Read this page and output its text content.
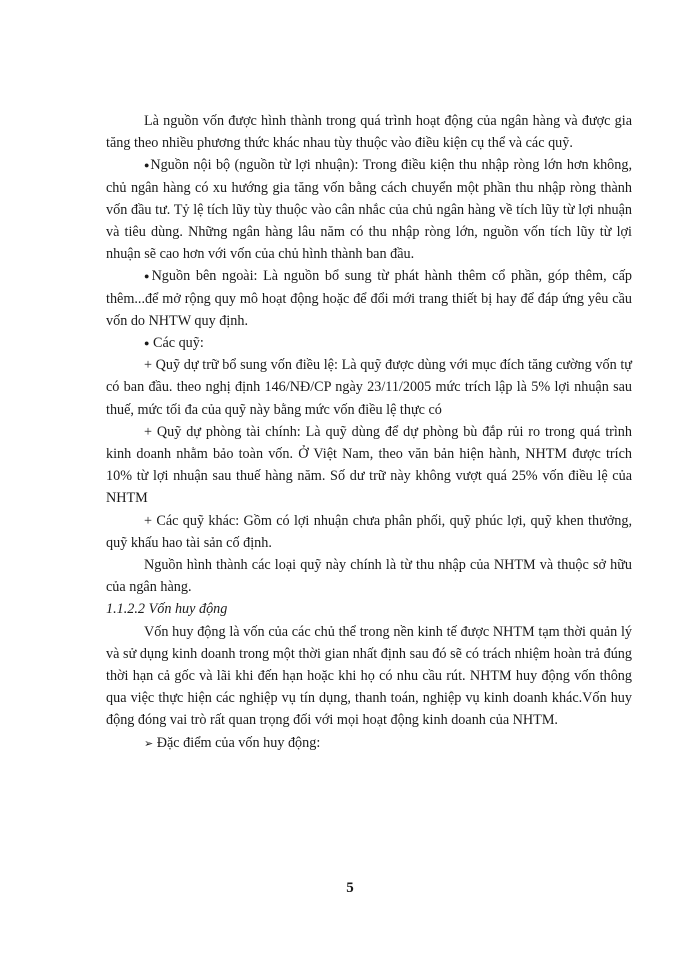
Là nguồn vốn được hình thành trong quá trình hoạt động của ngân hàng và được gia tăng theo nhiều phương thức khác nhau tùy thuộc vào điều kiện cụ thể và các quỹ.

●Nguồn nội bộ (nguồn từ lợi nhuận): Trong điều kiện thu nhập ròng lớn hơn không, chủ ngân hàng có xu hướng gia tăng vốn bằng cách chuyển một phần thu nhập ròng thành vốn đầu tư. Tỷ lệ tích lũy tùy thuộc vào cân nhắc của chủ ngân hàng về tích lũy từ lợi nhuận và tiêu dùng. Những ngân hàng lâu năm có thu nhập ròng lớn, nguồn vốn tích lũy từ lợi nhuận sẽ cao hơn với vốn của chủ hình thành ban đầu.

●Nguồn bên ngoài: Là nguồn bổ sung từ phát hành thêm cổ phần, góp thêm, cấp thêm...để mở rộng quy mô hoạt động hoặc để đổi mới trang thiết bị hay để đáp ứng yêu cầu vốn do NHTW quy định.

● Các quỹ:

+ Quỹ dự trữ bổ sung vốn điều lệ: Là quỹ được dùng với mục đích tăng cường vốn tự có ban đầu. theo nghị định 146/NĐ/CP ngày 23/11/2005 mức trích lập là 5% lợi nhuận sau thuế, mức tối đa của quỹ này bằng mức vốn điều lệ thực có

+ Quỹ dự phòng tài chính: Là quỹ dùng để dự phòng bù đắp rủi ro trong quá trình kinh doanh nhằm bảo toàn vốn. Ở Việt Nam, theo văn bản hiện hành, NHTM được trích 10% từ lợi nhuận sau thuế hàng năm. Số dư trữ này không vượt quá 25% vốn điều lệ của NHTM

+ Các quỹ khác: Gồm có lợi nhuận chưa phân phối, quỹ phúc lợi, quỹ khen thưởng, quỹ khấu hao tài sản cố định.

Nguồn hình thành các loại quỹ này chính là từ thu nhập của NHTM và thuộc sở hữu của ngân hàng.

1.1.2.2 Vốn huy động

Vốn huy động là vốn của các chủ thể trong nền kinh tế được NHTM tạm thời quản lý và sử dụng kinh doanh trong một thời gian nhất định sau đó sẽ có trách nhiệm hoàn trả đúng thời hạn cả gốc và lãi khi đến hạn hoặc khi họ có nhu cầu rút. NHTM huy động vốn thông qua việc thực hiện các nghiệp vụ tín dụng, thanh toán, nghiệp vụ kinh doanh khác.Vốn huy động đóng vai trò rất quan trọng đối với mọi hoạt động kinh doanh của NHTM.

➢ Đặc điểm của vốn huy động:

5
